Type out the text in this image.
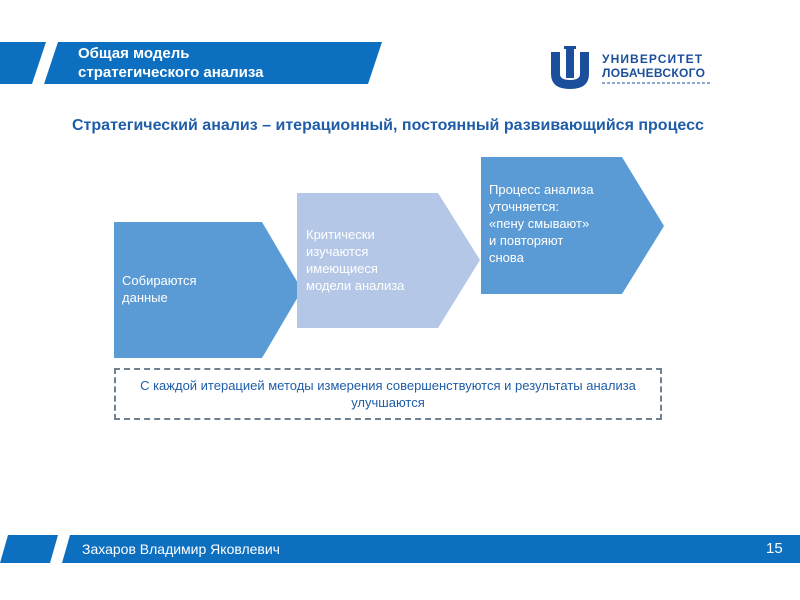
Общая модель
стратегического анализа
УНИВЕРСИТЕТ
ЛОБАЧЕВСКОГО

Стратегический анализ – итерационный, постоянный развивающийся процесс

Собираются
данные
Критически
изучаются
имеющиеся
модели анализа
Процесс анализа
уточняется:
«пену смывают»
и повторяют
снова
С каждой итерацией методы измерения совершенствуются и результаты анализа улучшаются
Захаров Владимир Яковлевич	15
